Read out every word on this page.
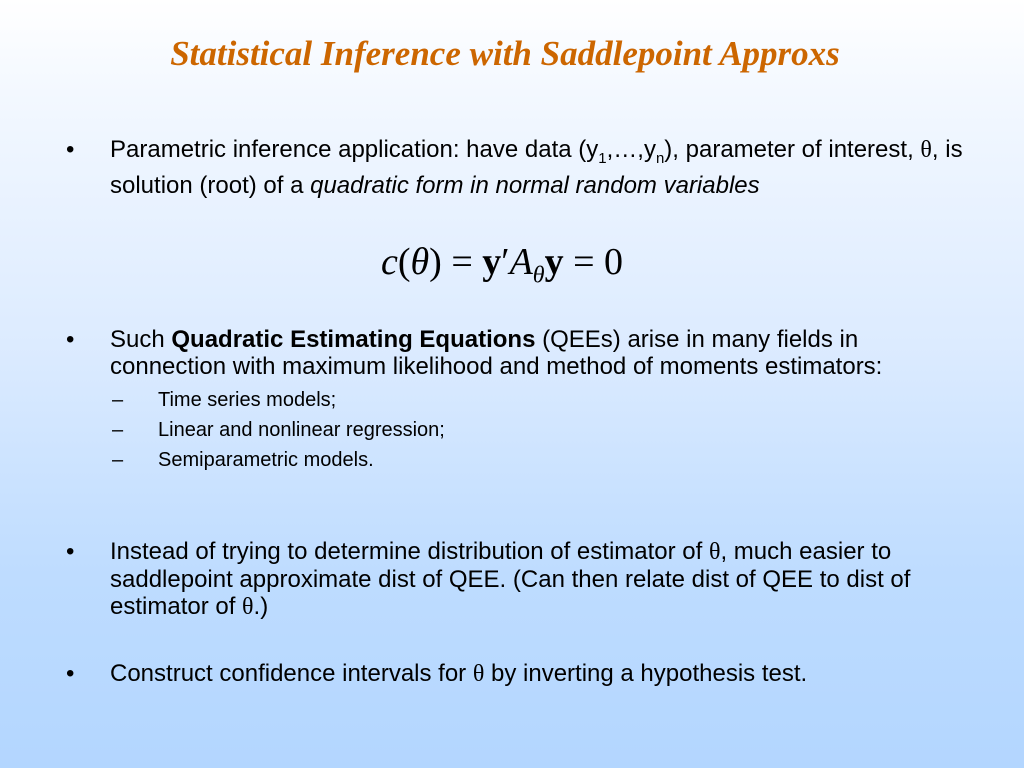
Statistical Inference with Saddlepoint Approxs
• Parametric inference application: have data $(y_1,\dots,y_n)$, parameter of interest, θ, is solution (root) of a quadratic form in normal random variables
$c(\theta) = y'A_\theta y = 0$
• Such Quadratic Estimating Equations (QEEs) arise in many fields in connection with maximum likelihood and method of moments estimators:
– Time series models;
– Linear and nonlinear regression;
– Semiparametric models.
• Instead of trying to determine distribution of estimator of θ, much easier to saddlepoint approximate dist of QEE. (Can then relate dist of QEE to dist of estimator of θ.)
• Construct confidence intervals for θ by inverting a hypothesis test.
